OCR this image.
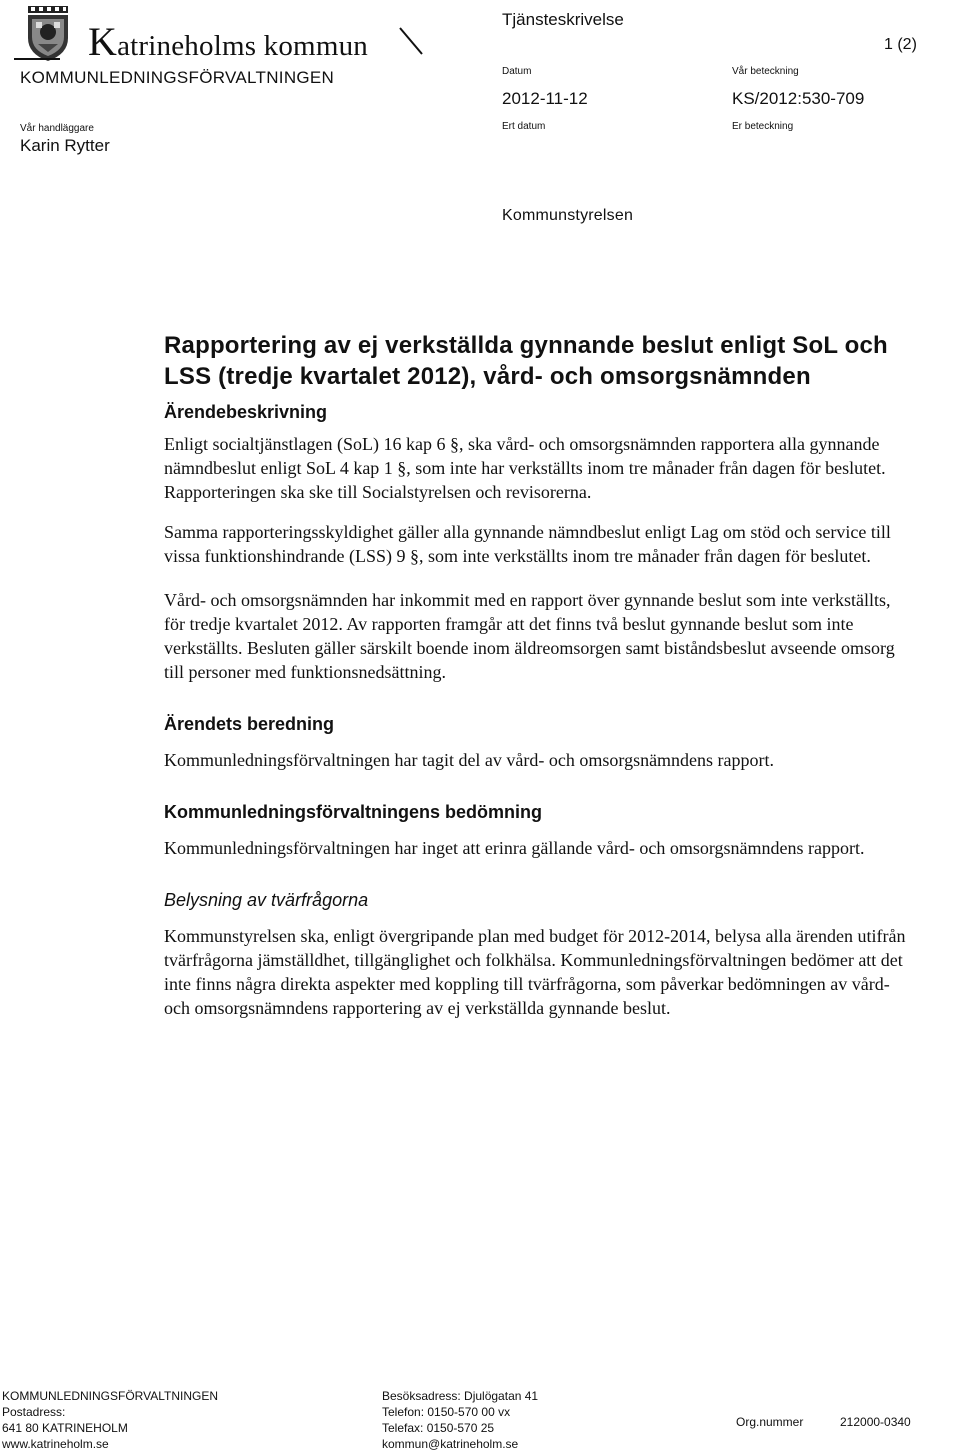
Katrineholms kommun
KOMMUNLEDNINGSFÖRVALTNINGEN
Vår handläggare
Karin Rytter
Tjänsteskrivelse
1 (2)
Datum
2012-11-12
Ert datum
Vår beteckning
KS/2012:530-709
Er beteckning
Kommunstyrelsen
Rapportering av ej verkställda gynnande beslut enligt SoL och LSS (tredje kvartalet 2012), vård- och omsorgsnämnden
Ärendebeskrivning

Enligt socialtjänstlagen (SoL) 16 kap 6 §, ska vård- och omsorgsnämnden rapportera alla gynnande nämndbeslut enligt SoL 4 kap 1 §, som inte har verkställts inom tre månader från dagen för beslutet. Rapporteringen ska ske till Socialstyrelsen och revisorerna.

Samma rapporteringsskyldighet gäller alla gynnande nämndbeslut enligt Lag om stöd och service till vissa funktionshindrande (LSS) 9 §, som inte verkställts inom tre månader från dagen för beslutet.

Vård- och omsorgsnämnden har inkommit med en rapport över gynnande beslut som inte verkställts, för tredje kvartalet 2012. Av rapporten framgår att det finns två beslut gynnande beslut som inte verkställts. Besluten gäller särskilt boende inom äldreomsorgen samt biståndsbeslut avseende omsorg till personer med funktionsnedsättning.

Ärendets beredning

Kommunledningsförvaltningen har tagit del av vård- och omsorgsnämndens rapport.

Kommunledningsförvaltningens bedömning

Kommunledningsförvaltningen har inget att erinra gällande vård- och omsorgsnämndens rapport.

Belysning av tvärfrågorna

Kommunstyrelsen ska, enligt övergripande plan med budget för 2012-2014, belysa alla ärenden utifrån tvärfrågorna jämställdhet, tillgänglighet och folkhälsa. Kommunledningsförvaltningen bedömer att det inte finns några direkta aspekter med koppling till tvärfrågorna, som påverkar bedömningen av vård- och omsorgsnämndens rapportering av ej verkställda gynnande beslut.

KOMMUNLEDNINGSFÖRVALTNINGEN
Postadress:
641 80 KATRINEHOLM
www.katrineholm.se
Besöksadress: Djulögatan 41
Telefon: 0150-570 00 vx
Telefax: 0150-570 25
kommun@katrineholm.se
Org.nummer	212000-0340
